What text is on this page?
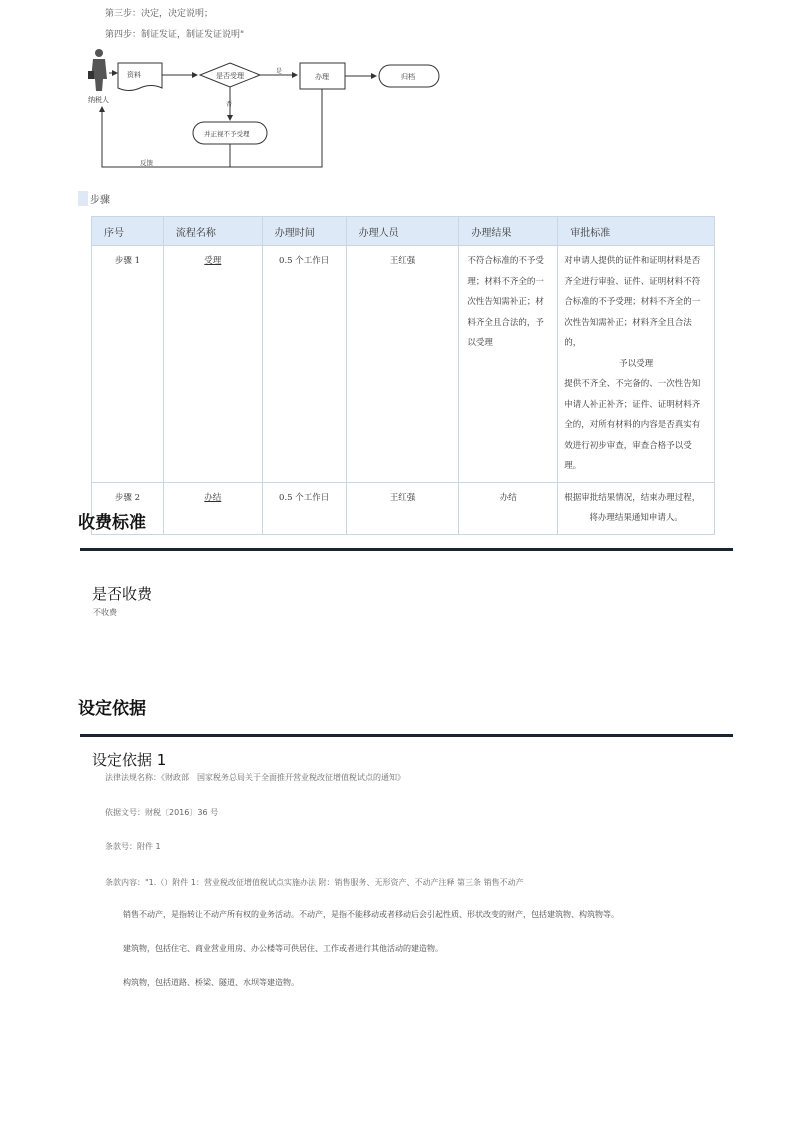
第三步：决定，决定说明；
第四步：制证发证，制证发证说明"
纳税人
资料	是否受理
是
办理	归档
否
并正视不予受理
反馈
步骤
序号	流程名称	办理时间	办理人员	办理结果	审批标准
步骤 1	受理	0.5 个工作日	王红强	不符合标准的不予受理；材料不齐全的一次性告知需补正；材料齐全且合法的，予以受理	对申请人提供的证件和证明材料是否齐全进行审验、证件、证明材料不符合标准的不予受理；材料不齐全的一次性告知需补正；材料齐全且合法的，
予以受理
提供不齐全、不完备的、一次性告知申请人补正补齐；证件、证明材料齐全的，对所有材料的内容是否真实有效进行初步审查，审查合格予以受理。

步骤 2	办结	0.5 个工作日	王红强	办结	根据审批结果情况，结束办理过程，
将办理结果通知申请人。
收费标准
是否收费
不收费
设定依据
设定依据 1
法律法规名称：《财政部　国家税务总局关于全面推开营业税改征增值税试点的通知》
依据文号：财税〔2016〕36 号
条款号：附件 1
条款内容："1.（）附件 1：营业税改征增值税试点实施办法 附：销售服务、无形资产、不动产注释 第三条 销售不动产
销售不动产，是指转让不动产所有权的业务活动。不动产，是指不能移动或者移动后会引起性质、形状改变的财产，包括建筑物、构筑物等。
建筑物，包括住宅、商业营业用房、办公楼等可供居住、工作或者进行其他活动的建造物。
构筑物，包括道路、桥梁、隧道、水坝等建造物。
